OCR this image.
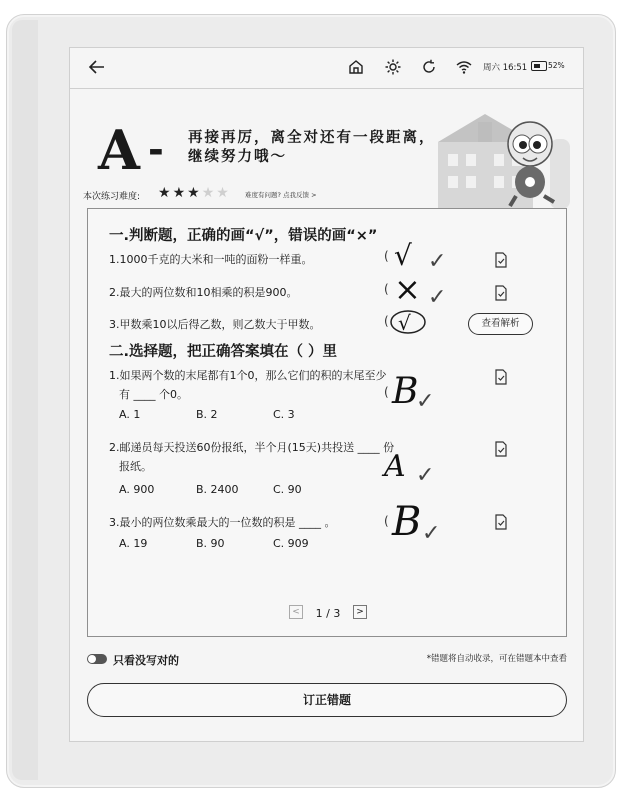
周六 16:51	52%
A - 再接再厉，离全对还有一段距离，继续努力哦～
本次练习难度: ★★★★★ 难度有问题? 点我反馈 >
一.判断题，正确的画“√”，错误的画“×”
1.1000千克的大米和一吨的面粉一样重。	( √ ✓
2.最大的两位数和10相乘的积是900。	( × ✓
3.甲数乘10以后得乙数，则乙数大于甲数。	( √	查看解析
二.选择题，把正确答案填在（ ）里
1.如果两个数的末尾都有1个0，那么它们的积的末尾至少
有 ____ 个0。
A. 1	B. 2	C. 3
( B
✓
2.邮递员每天投送60份报纸，半个月(15天)共投送 ____ 份
报纸。
A. 900	B. 2400	C. 90
A ✓
3.最小的两位数乘最大的一位数的积是 ____ 。
A. 19	B. 90	C. 909
( B ✓
<	1 / 3	>
只看没写对的	*错题将自动收录，可在错题本中查看
订正错题
